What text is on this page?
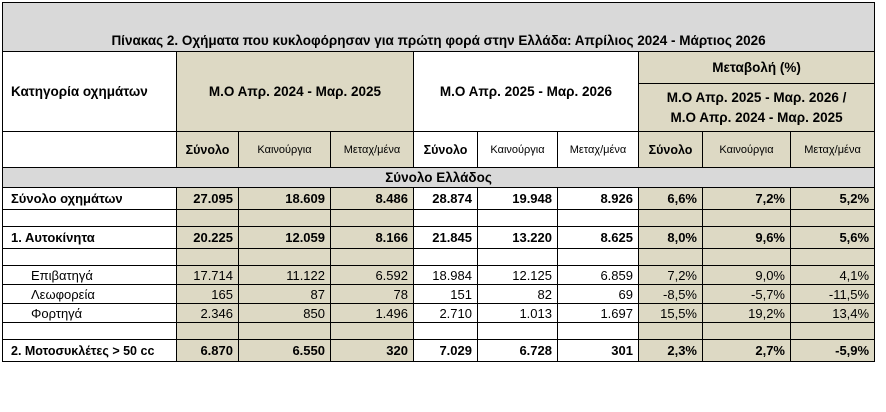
Πίνακας 2. Οχήματα που κυκλοφόρησαν για πρώτη φορά στην Ελλάδα: Απρίλιος 2024 - Μάρτιος 2026									
Κατηγορία οχημάτων	Μ.Ο Απρ. 2024 - Μαρ. 2025			Μ.Ο Απρ. 2025 - Μαρ. 2026			Μεταβολή (%)		

							Μ.Ο Απρ. 2025 - Μαρ. 2026 /
Μ.Ο Απρ. 2024 - Μαρ. 2025		

	Σύνολο	Καινούργια	Μεταχ/μένα	Σύνολο	Καινούργια	Μεταχ/μένα	Σύνολο	Καινούργια	Μεταχ/μένα
Σύνολο Ελλάδος									
Σύνολο οχημάτων	27.095	18.609	8.486	28.874	19.948	8.926	6,6%	7,2%	5,2%

1. Αυτοκίνητα	20.225	12.059	8.166	21.845	13.220	8.625	8,0%	9,6%	5,6%

Επιβατηγά	17.714	11.122	6.592	18.984	12.125	6.859	7,2%	9,0%	4,1%
Λεωφορεία	165	87	78	151	82	69	-8,5%	-5,7%	-11,5%
Φορτηγά	2.346	850	1.496	2.710	1.013	1.697	15,5%	19,2%	13,4%

2. Μοτοσυκλέτες > 50 cc	6.870	6.550	320	7.029	6.728	301	2,3%	2,7%	-5,9%
